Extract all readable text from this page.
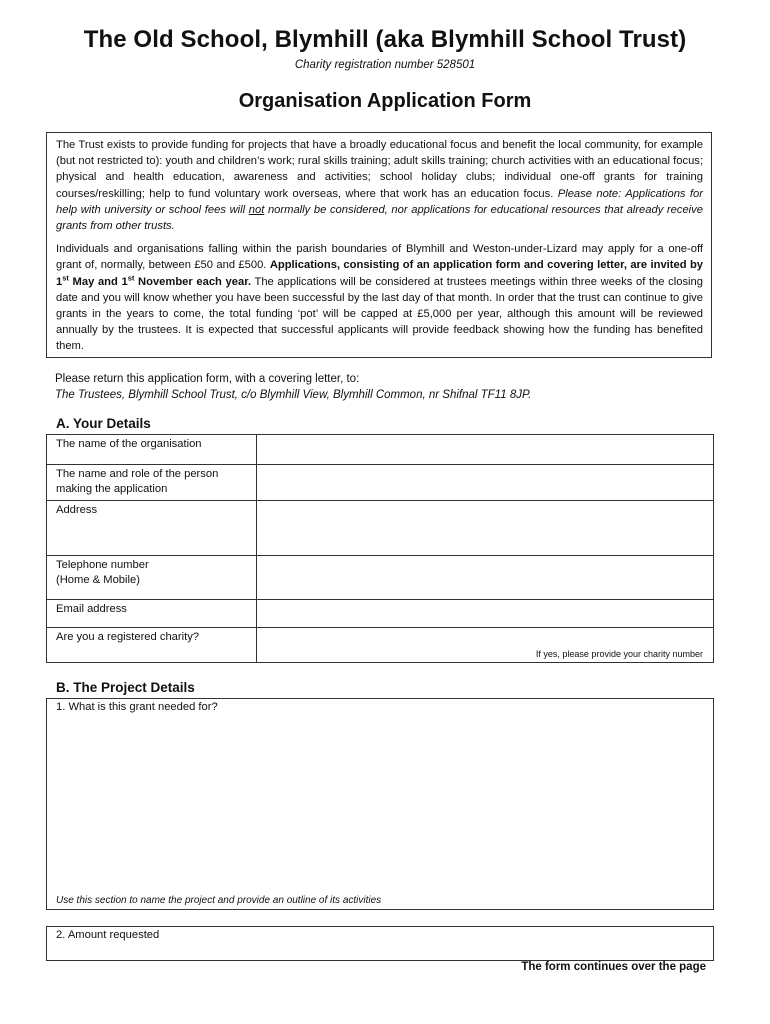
The Old School, Blymhill (aka Blymhill School Trust)
Charity registration number 528501
Organisation Application Form

The Trust exists to provide funding for projects that have a broadly educational focus and benefit the local community, for example (but not restricted to): youth and children’s work; rural skills training; adult skills training; church activities with an educational focus; physical and health education, awareness and activities; school holiday clubs; individual one-off grants for training courses/reskilling; help to fund voluntary work overseas, where that work has an education focus. Please note: Applications for help with university or school fees will not normally be considered, nor applications for educational resources that already receive grants from other trusts.

Individuals and organisations falling within the parish boundaries of Blymhill and Weston-under-Lizard may apply for a one-off grant of, normally, between £50 and £500. Applications, consisting of an application form and covering letter, are invited by 1st May and 1st November each year. The applications will be considered at trustees meetings within three weeks of the closing date and you will know whether you have been successful by the last day of that month. In order that the trust can continue to give grants in the years to come, the total funding ‘pot’ will be capped at £5,000 per year, although this amount will be reviewed annually by the trustees. It is expected that successful applicants will provide feedback showing how the funding has benefited them.

Please return this application form, with a covering letter, to:
The Trustees, Blymhill School Trust, c/o Blymhill View, Blymhill Common, nr Shifnal TF11 8JP.
A. Your Details
The name of the organisation	
The name and role of the person making the application	
Address	

Telephone number
(Home & Mobile)	

Email address	
Are you a registered charity?	If yes, please provide your charity number
B. The Project Details
1. What is this grant needed for?
Use this section to name the project and provide an outline of its activities
2. Amount requested
The form continues over the page
